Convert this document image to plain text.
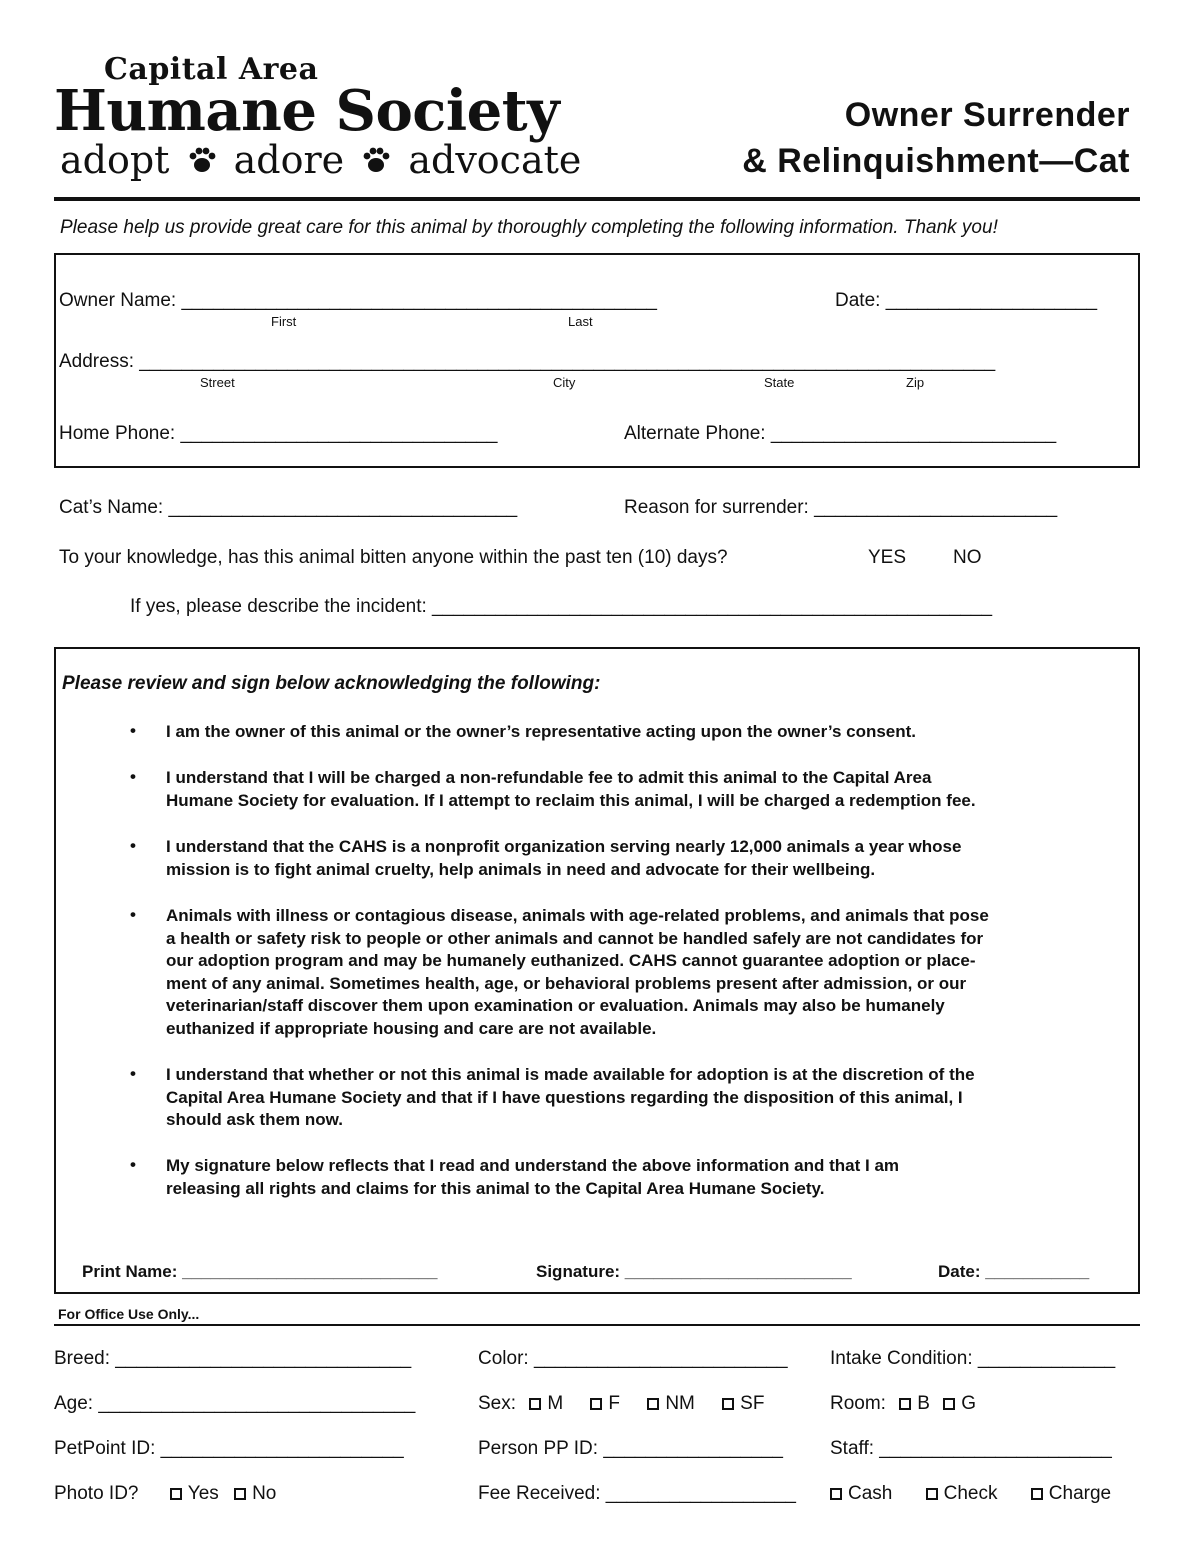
Capital Area
Humane Society
adopt adore advocate
Owner Surrender
& Relinquishment—Cat
Please help us provide great care for this animal by thoroughly completing the following information. Thank you!
Owner Name: _____________________________________________
First	Last
Date: ____________________
Address: _________________________________________________________________________________
Street	City	State	Zip
Home Phone: ______________________________	Alternate Phone: ___________________________
Cat’s Name: _________________________________	Reason for surrender: _______________________
To your knowledge, has this animal bitten anyone within the past ten (10) days?	YES NO
If yes, please describe the incident: _____________________________________________________
Please review and sign below acknowledging the following:
• I am the owner of this animal or the owner’s representative acting upon the owner’s consent.
• I understand that I will be charged a non-refundable fee to admit this animal to the Capital Area
Humane Society for evaluation. If I attempt to reclaim this animal, I will be charged a redemption fee.
• I understand that the CAHS is a nonprofit organization serving nearly 12,000 animals a year whose
mission is to fight animal cruelty, help animals in need and advocate for their wellbeing.
• Animals with illness or contagious disease, animals with age-related problems, and animals that pose
a health or safety risk to people or other animals and cannot be handled safely are not candidates for
our adoption program and may be humanely euthanized. CAHS cannot guarantee adoption or place-
ment of any animal. Sometimes health, age, or behavioral problems present after admission, or our
veterinarian/staff discover them upon examination or evaluation. Animals may also be humanely
euthanized if appropriate housing and care are not available.
• I understand that whether or not this animal is made available for adoption is at the discretion of the
Capital Area Humane Society and that if I have questions regarding the disposition of this animal, I
should ask them now.
• My signature below reflects that I read and understand the above information and that I am
releasing all rights and claims for this animal to the Capital Area Humane Society.
Print Name: ___________________________	Signature: ________________________	Date: ___________
For Office Use Only...
Breed: ____________________________	Color: ________________________ Intake Condition: _____________
Age: ______________________________	Sex: M F NM SF	Room: B G
PetPoint ID: _______________________	Person PP ID: _________________ Staff: ______________________
Photo ID?	Yes No	Fee Received: __________________	Cash	Check	Charge
